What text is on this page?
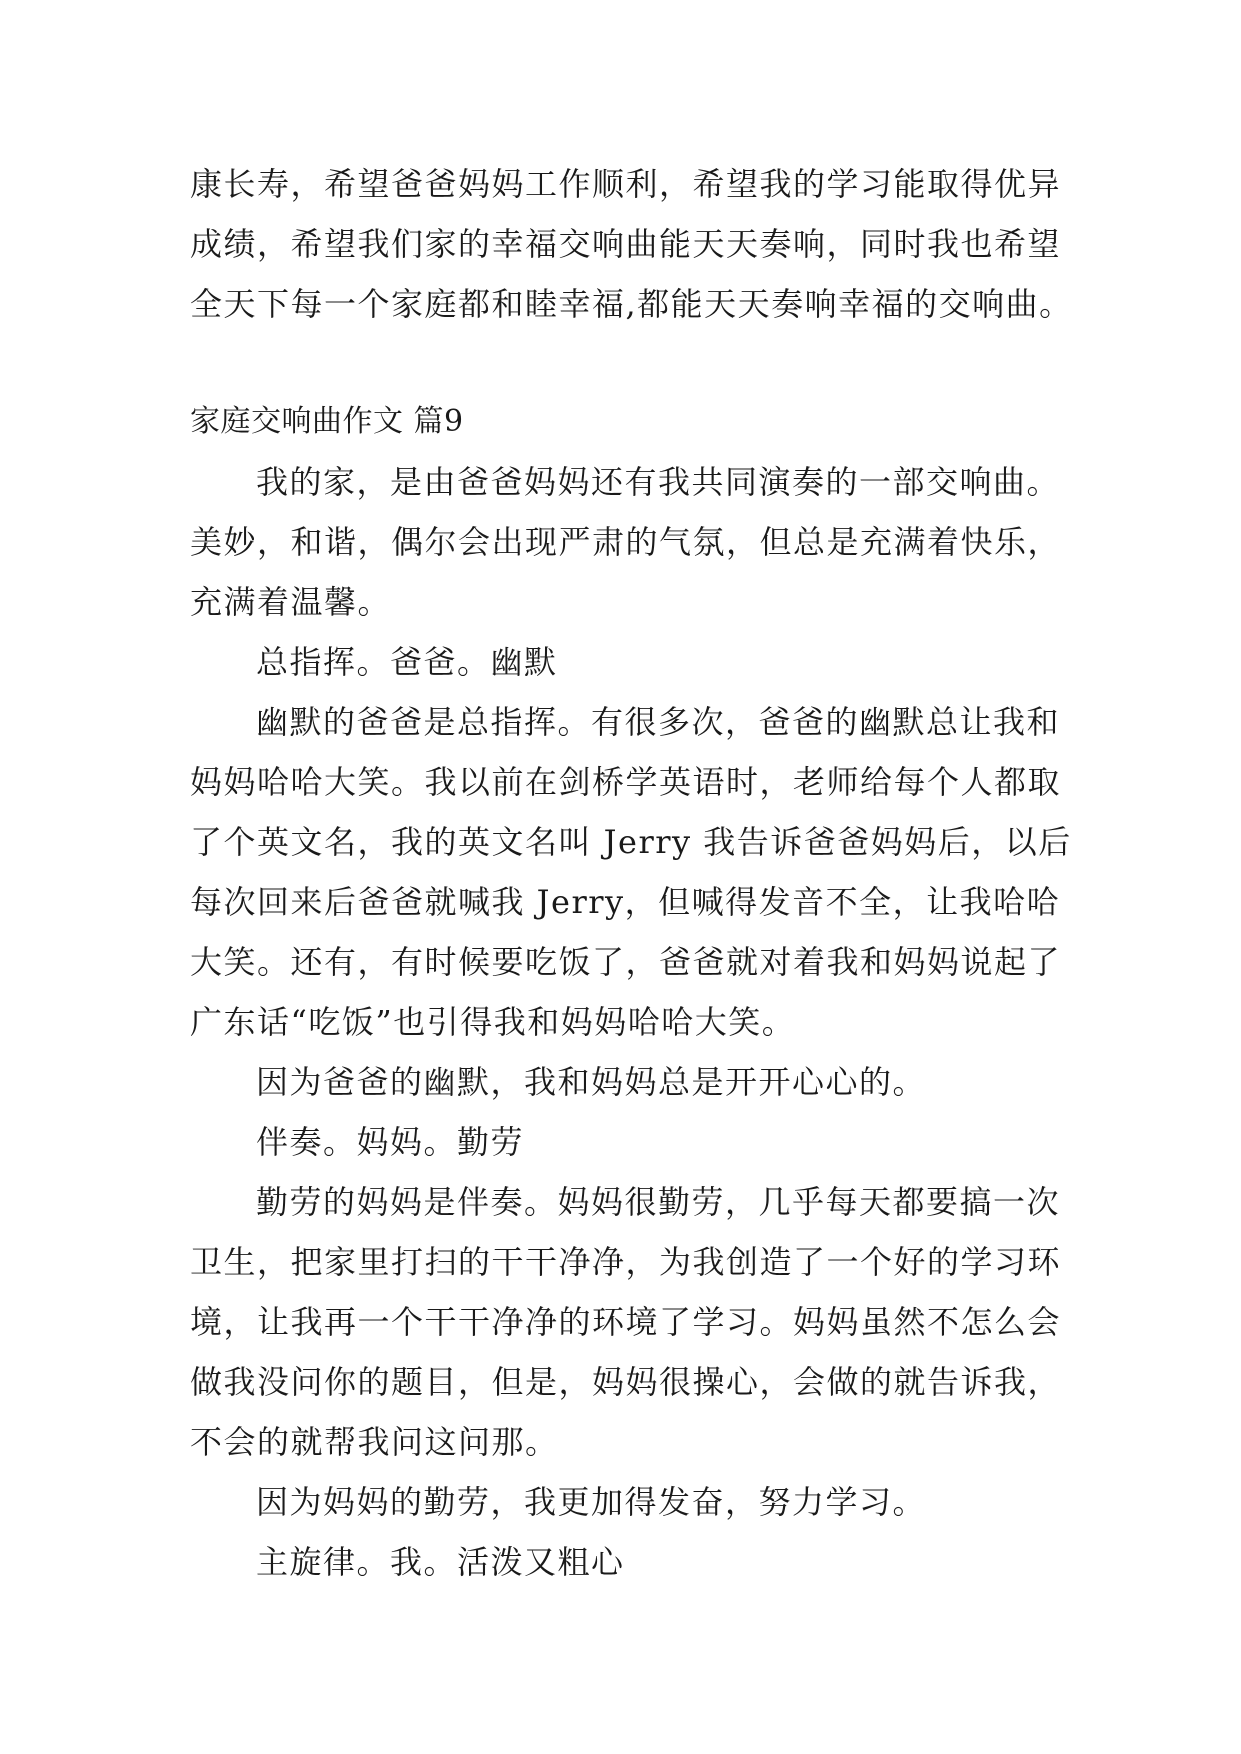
康长寿，希望爸爸妈妈工作顺利，希望我的学习能取得优异
成绩，希望我们家的幸福交响曲能天天奏响，同时我也希望
全天下每一个家庭都和睦幸福,都能天天奏响幸福的交响曲。
家庭交响曲作文 篇9
我的家，是由爸爸妈妈还有我共同演奏的一部交响曲。
美妙，和谐，偶尔会出现严肃的气氛，但总是充满着快乐，
充满着温馨。
总指挥。爸爸。幽默
幽默的爸爸是总指挥。有很多次，爸爸的幽默总让我和
妈妈哈哈大笑。我以前在剑桥学英语时，老师给每个人都取
了个英文名，我的英文名叫 Jerry 我告诉爸爸妈妈后，以后
每次回来后爸爸就喊我 Jerry，但喊得发音不全，让我哈哈
大笑。还有，有时候要吃饭了，爸爸就对着我和妈妈说起了
广东话“吃饭”也引得我和妈妈哈哈大笑。
因为爸爸的幽默，我和妈妈总是开开心心的。
伴奏。妈妈。勤劳
勤劳的妈妈是伴奏。妈妈很勤劳，几乎每天都要搞一次
卫生，把家里打扫的干干净净，为我创造了一个好的学习环
境，让我再一个干干净净的环境了学习。妈妈虽然不怎么会
做我没问你的题目，但是，妈妈很操心，会做的就告诉我，
不会的就帮我问这问那。
因为妈妈的勤劳，我更加得发奋，努力学习。
主旋律。我。活泼又粗心
